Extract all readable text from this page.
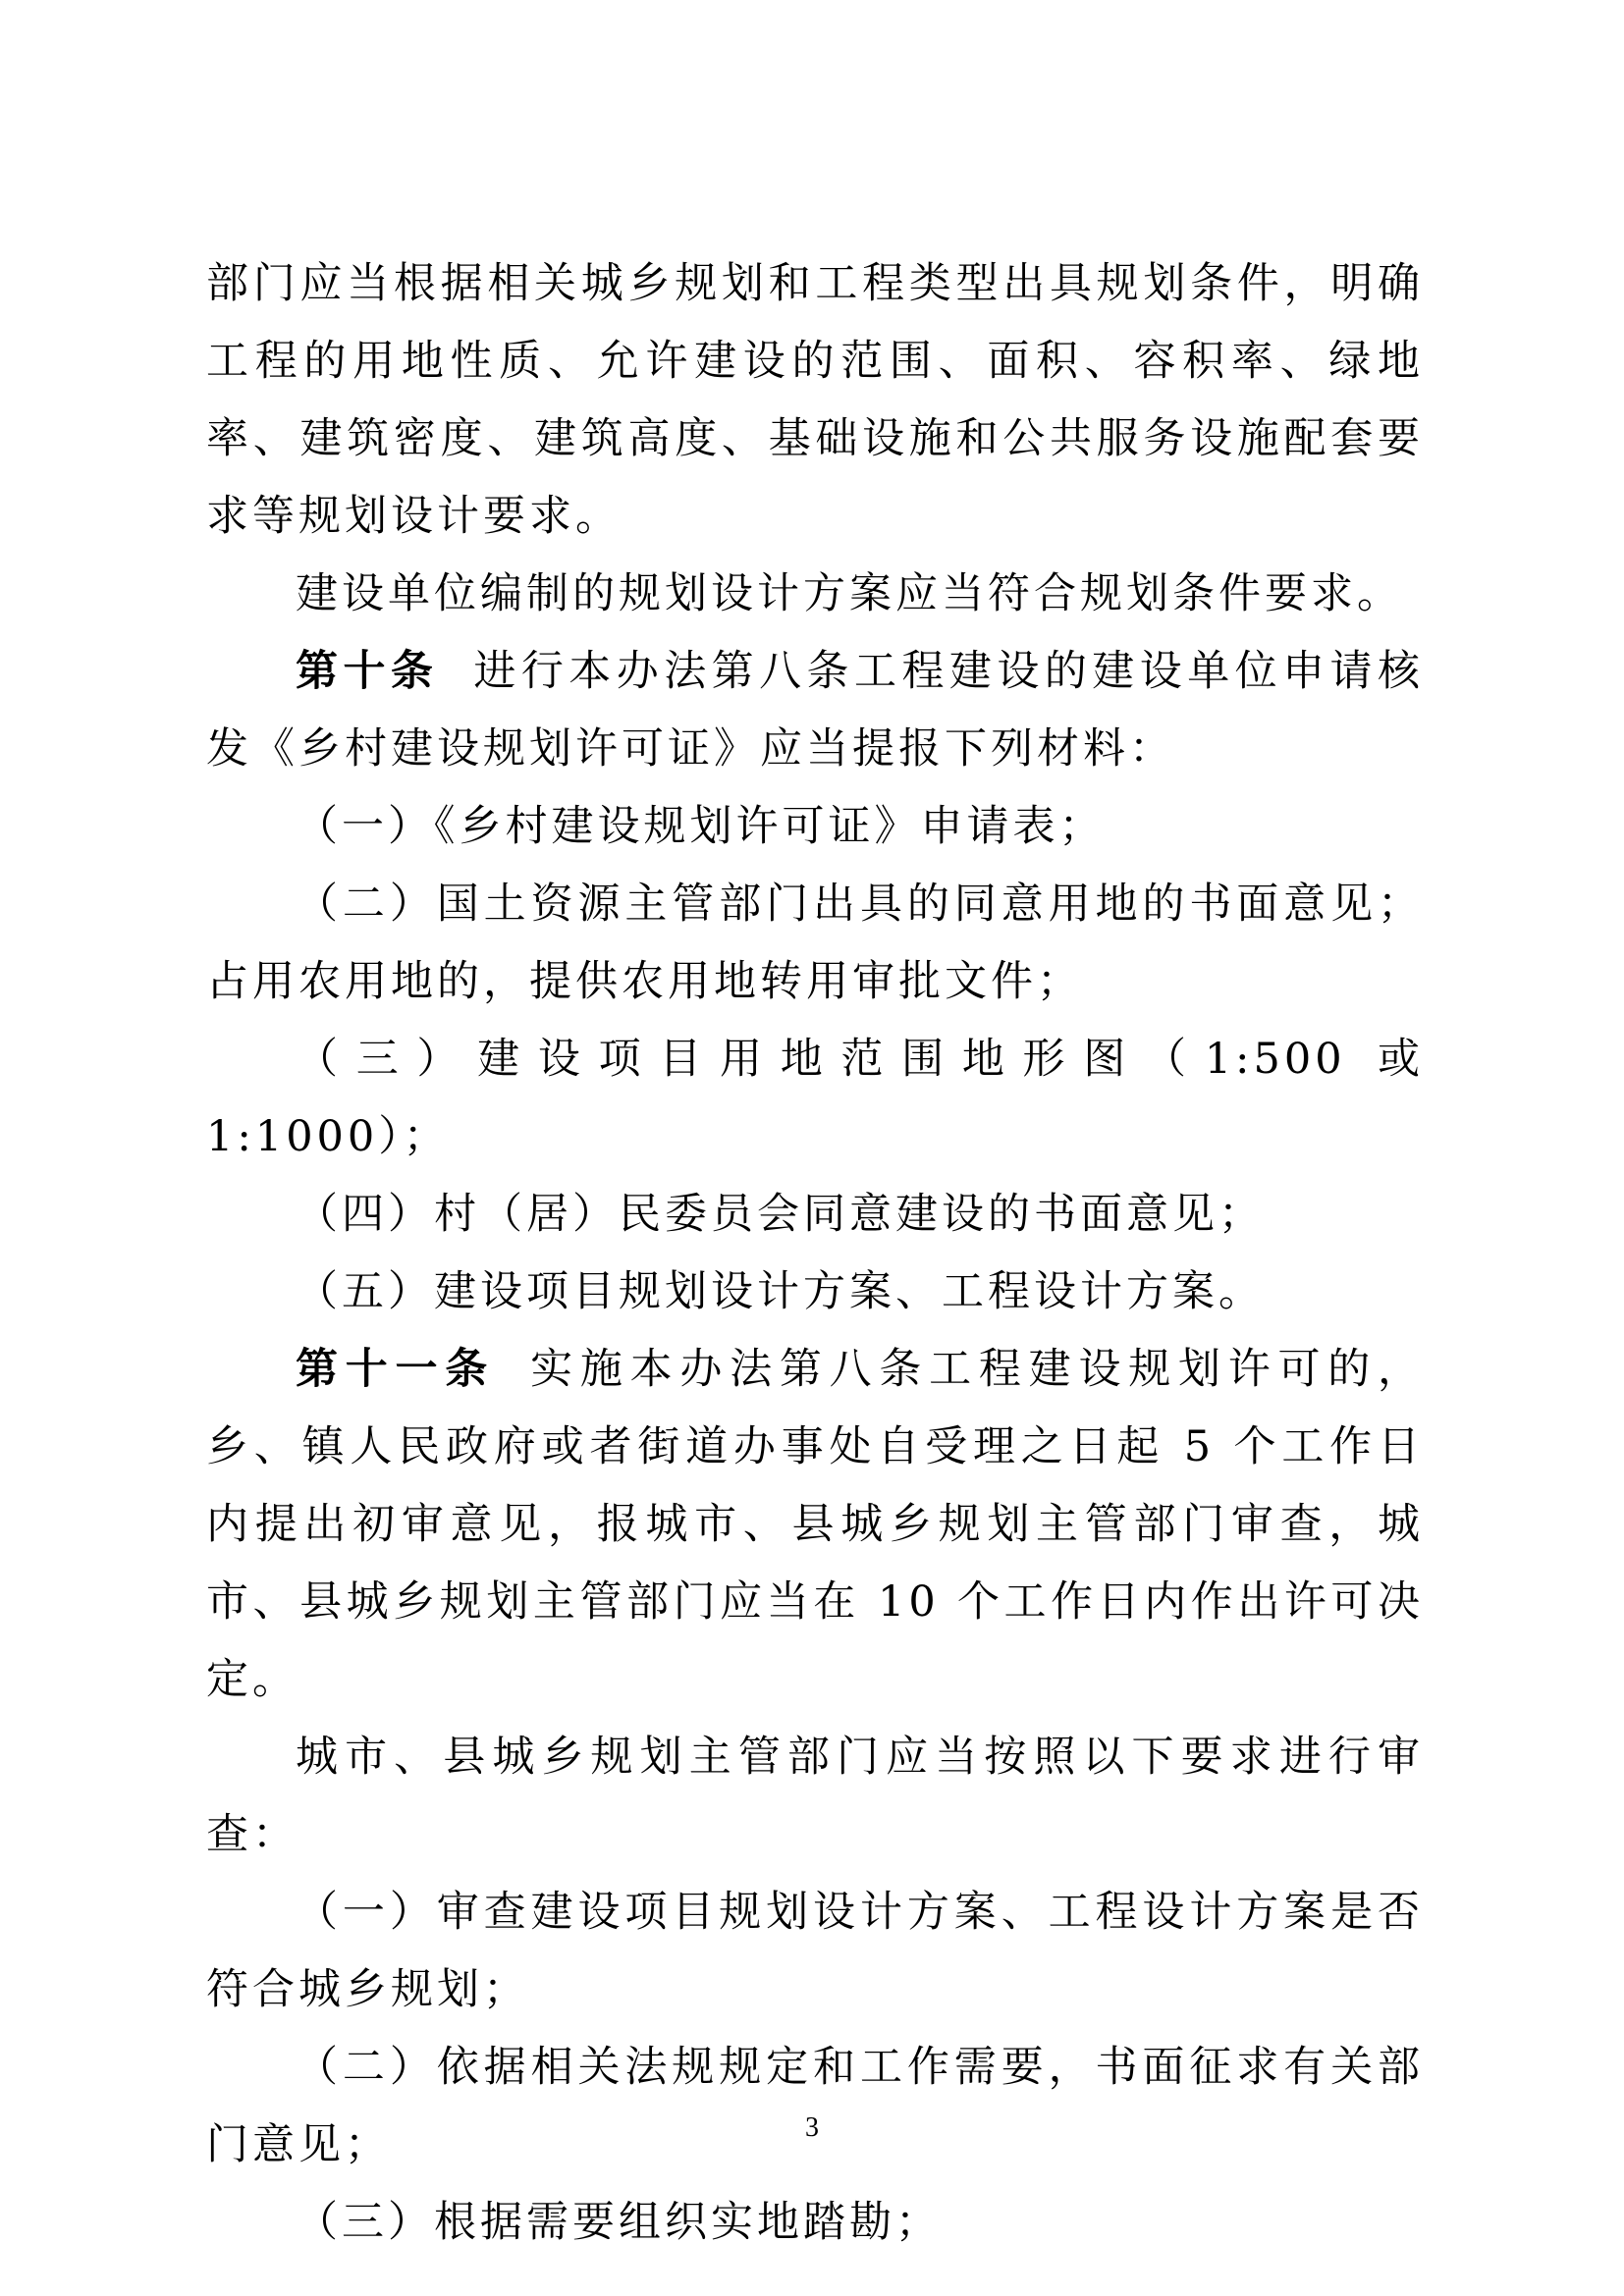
部门应当根据相关城乡规划和工程类型出具规划条件，明确工程的用地性质、允许建设的范围、面积、容积率、绿地率、建筑密度、建筑高度、基础设施和公共服务设施配套要求等规划设计要求。

建设单位编制的规划设计方案应当符合规划条件要求。

第十条 进行本办法第八条工程建设的建设单位申请核发《乡村建设规划许可证》应当提报下列材料：

（一）《乡村建设规划许可证》申请表；

（二）国土资源主管部门出具的同意用地的书面意见；占用农用地的，提供农用地转用审批文件；

（三）建设项目用地范围地形图（1:500 或 1:1000）；

（四）村（居）民委员会同意建设的书面意见；

（五）建设项目规划设计方案、工程设计方案。

第十一条 实施本办法第八条工程建设规划许可的，乡、镇人民政府或者街道办事处自受理之日起 5 个工作日内提出初审意见，报城市、县城乡规划主管部门审查，城市、县城乡规划主管部门应当在 10 个工作日内作出许可决定。

城市、县城乡规划主管部门应当按照以下要求进行审查：

（一）审查建设项目规划设计方案、工程设计方案是否符合城乡规划；

（二）依据相关法规规定和工作需要，书面征求有关部门意见；

（三）根据需要组织实地踏勘；

3
